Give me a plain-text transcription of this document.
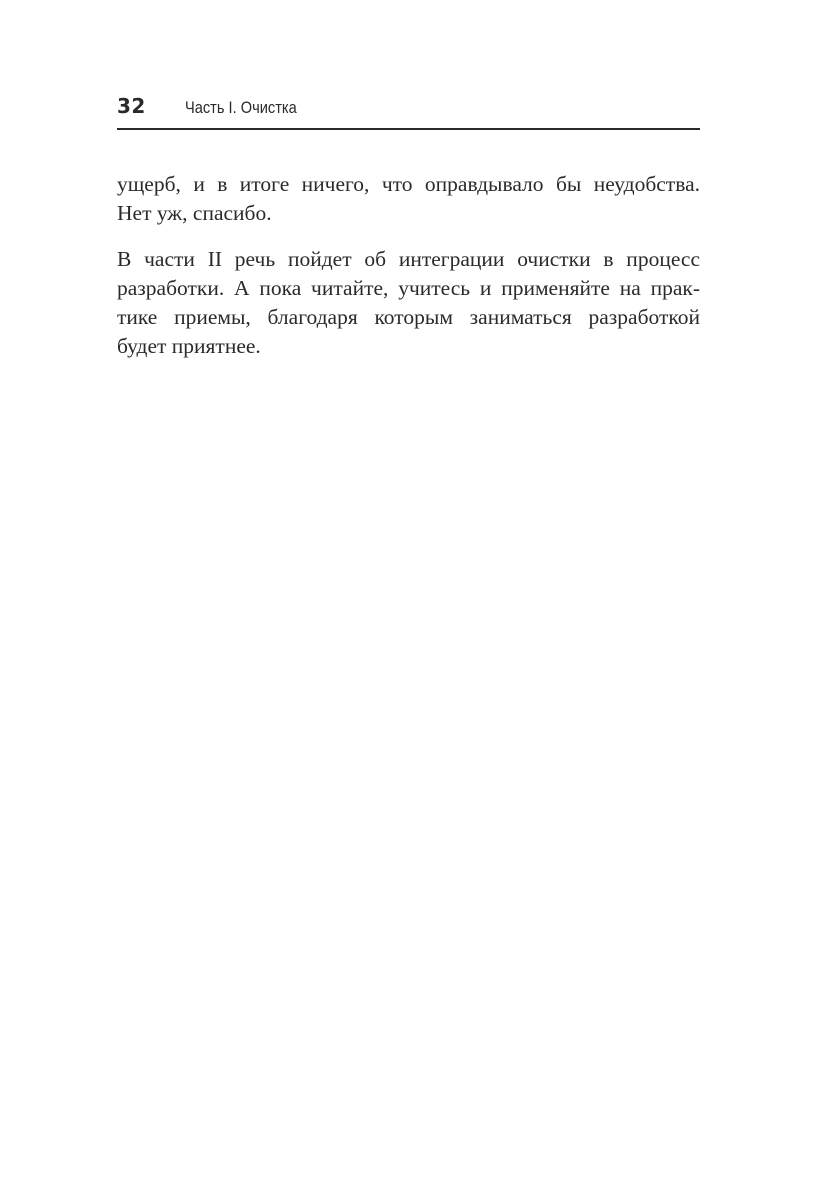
32 Часть I. Очистка

ущерб, и в итоге ничего, что оправдывало бы неудобства.
Нет уж, спасибо.

В части II речь пойдет об интеграции очистки в процесс
разработки. А пока читайте, учитесь и применяйте на прак-
тике приемы, благодаря которым заниматься разработкой
будет приятнее.
